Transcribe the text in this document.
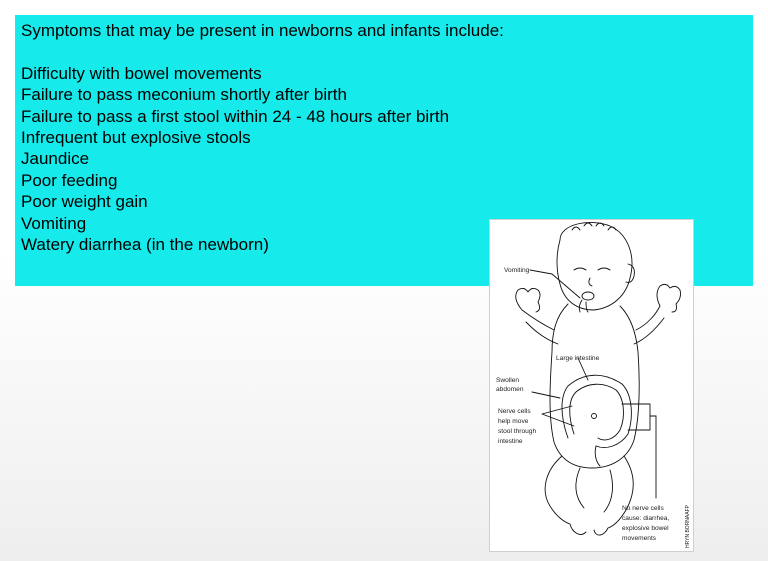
Symptoms that may be present in newborns and infants include:

Difficulty with bowel movements

Failure to pass meconium shortly after birth

Failure to pass a first stool within 24 - 48 hours after birth

Infrequent but explosive stools

Jaundice

Poor feeding

Poor weight gain

Vomiting

Watery diarrhea (in the newborn)

Vomiting
Large intestine
Swollen
abdomen
Nerve cells
help move
stool through
intestine
No nerve cells
cause: diarrhea,
explosive bowel
movements	HRYN BORNAAFP
